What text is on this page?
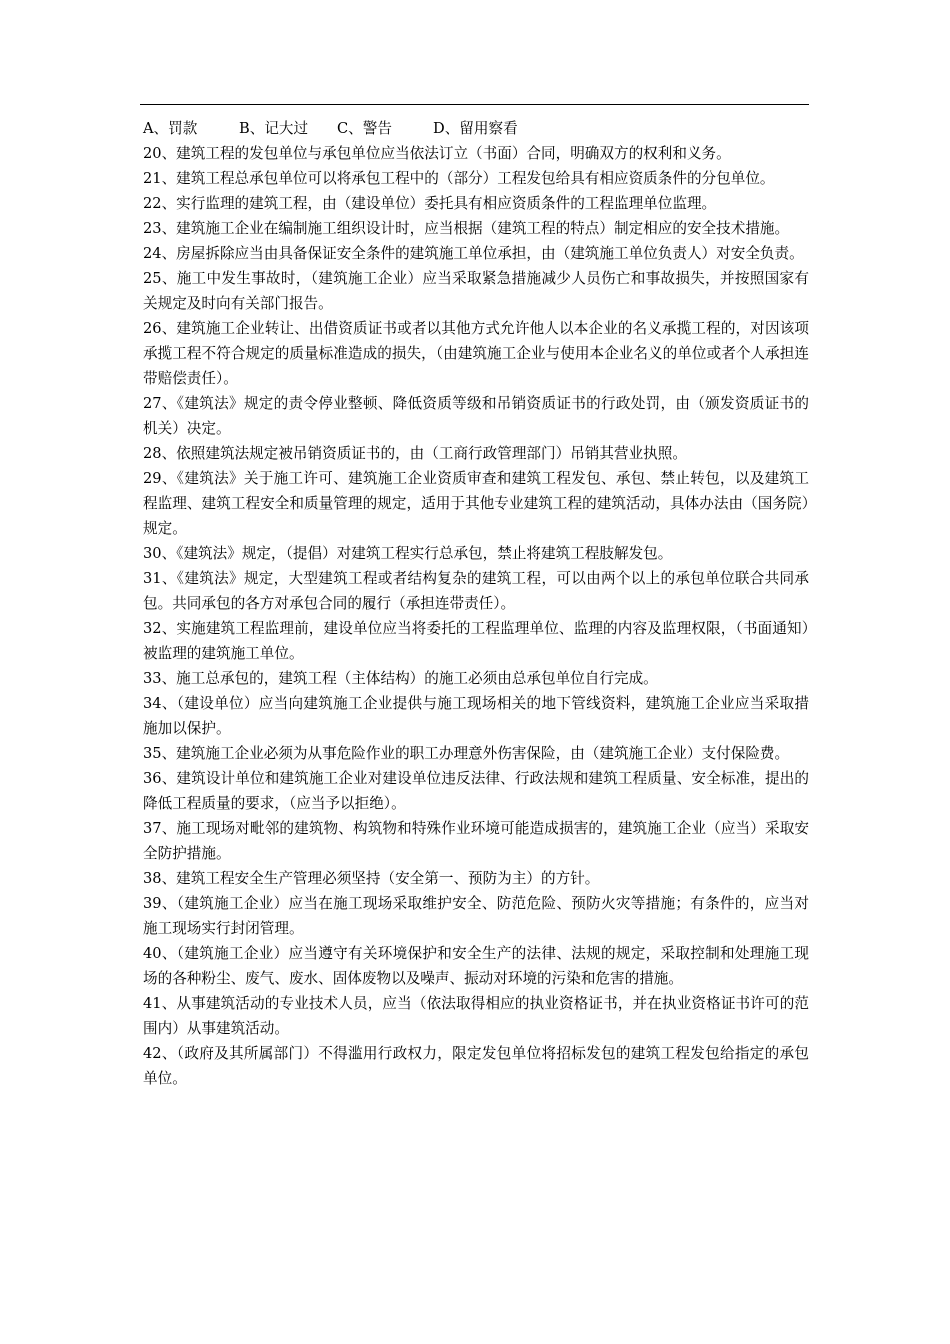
A、罚款	B、记大过	C、警告	D、留用察看

20、建筑工程的发包单位与承包单位应当依法订立（书面）合同，明确双方的权利和义务。

21、建筑工程总承包单位可以将承包工程中的（部分）工程发包给具有相应资质条件的分包单位。

22、实行监理的建筑工程，由（建设单位）委托具有相应资质条件的工程监理单位监理。

23、建筑施工企业在编制施工组织设计时，应当根据（建筑工程的特点）制定相应的安全技术措施。

24、房屋拆除应当由具备保证安全条件的建筑施工单位承担，由（建筑施工单位负责人）对安全负责。

25、施工中发生事故时，（建筑施工企业）应当采取紧急措施减少人员伤亡和事故损失，并按照国家有关规定及时向有关部门报告。

26、建筑施工企业转让、出借资质证书或者以其他方式允许他人以本企业的名义承揽工程的，对因该项承揽工程不符合规定的质量标准造成的损失，（由建筑施工企业与使用本企业名义的单位或者个人承担连带赔偿责任）。

27、《建筑法》规定的责令停业整顿、降低资质等级和吊销资质证书的行政处罚，由（颁发资质证书的机关）决定。

28、依照建筑法规定被吊销资质证书的，由（工商行政管理部门）吊销其营业执照。

29、《建筑法》关于施工许可、建筑施工企业资质审查和建筑工程发包、承包、禁止转包，以及建筑工程监理、建筑工程安全和质量管理的规定，适用于其他专业建筑工程的建筑活动，具体办法由（国务院）规定。

30、《建筑法》规定，（提倡）对建筑工程实行总承包，禁止将建筑工程肢解发包。

31、《建筑法》规定，大型建筑工程或者结构复杂的建筑工程，可以由两个以上的承包单位联合共同承包。共同承包的各方对承包合同的履行（承担连带责任）。

32、实施建筑工程监理前，建设单位应当将委托的工程监理单位、监理的内容及监理权限，（书面通知）被监理的建筑施工单位。

33、施工总承包的，建筑工程（主体结构）的施工必须由总承包单位自行完成。

34、（建设单位）应当向建筑施工企业提供与施工现场相关的地下管线资料，建筑施工企业应当采取措施加以保护。

35、建筑施工企业必须为从事危险作业的职工办理意外伤害保险，由（建筑施工企业）支付保险费。

36、建筑设计单位和建筑施工企业对建设单位违反法律、行政法规和建筑工程质量、安全标准，提出的降低工程质量的要求，（应当予以拒绝）。

37、施工现场对毗邻的建筑物、构筑物和特殊作业环境可能造成损害的，建筑施工企业（应当）采取安全防护措施。

38、建筑工程安全生产管理必须坚持（安全第一、预防为主）的方针。

39、（建筑施工企业）应当在施工现场采取维护安全、防范危险、预防火灾等措施；有条件的，应当对施工现场实行封闭管理。

40、（建筑施工企业）应当遵守有关环境保护和安全生产的法律、法规的规定，采取控制和处理施工现场的各种粉尘、废气、废水、固体废物以及噪声、振动对环境的污染和危害的措施。

41、从事建筑活动的专业技术人员，应当（依法取得相应的执业资格证书，并在执业资格证书许可的范围内）从事建筑活动。

42、（政府及其所属部门）不得滥用行政权力，限定发包单位将招标发包的建筑工程发包给指定的承包单位。
